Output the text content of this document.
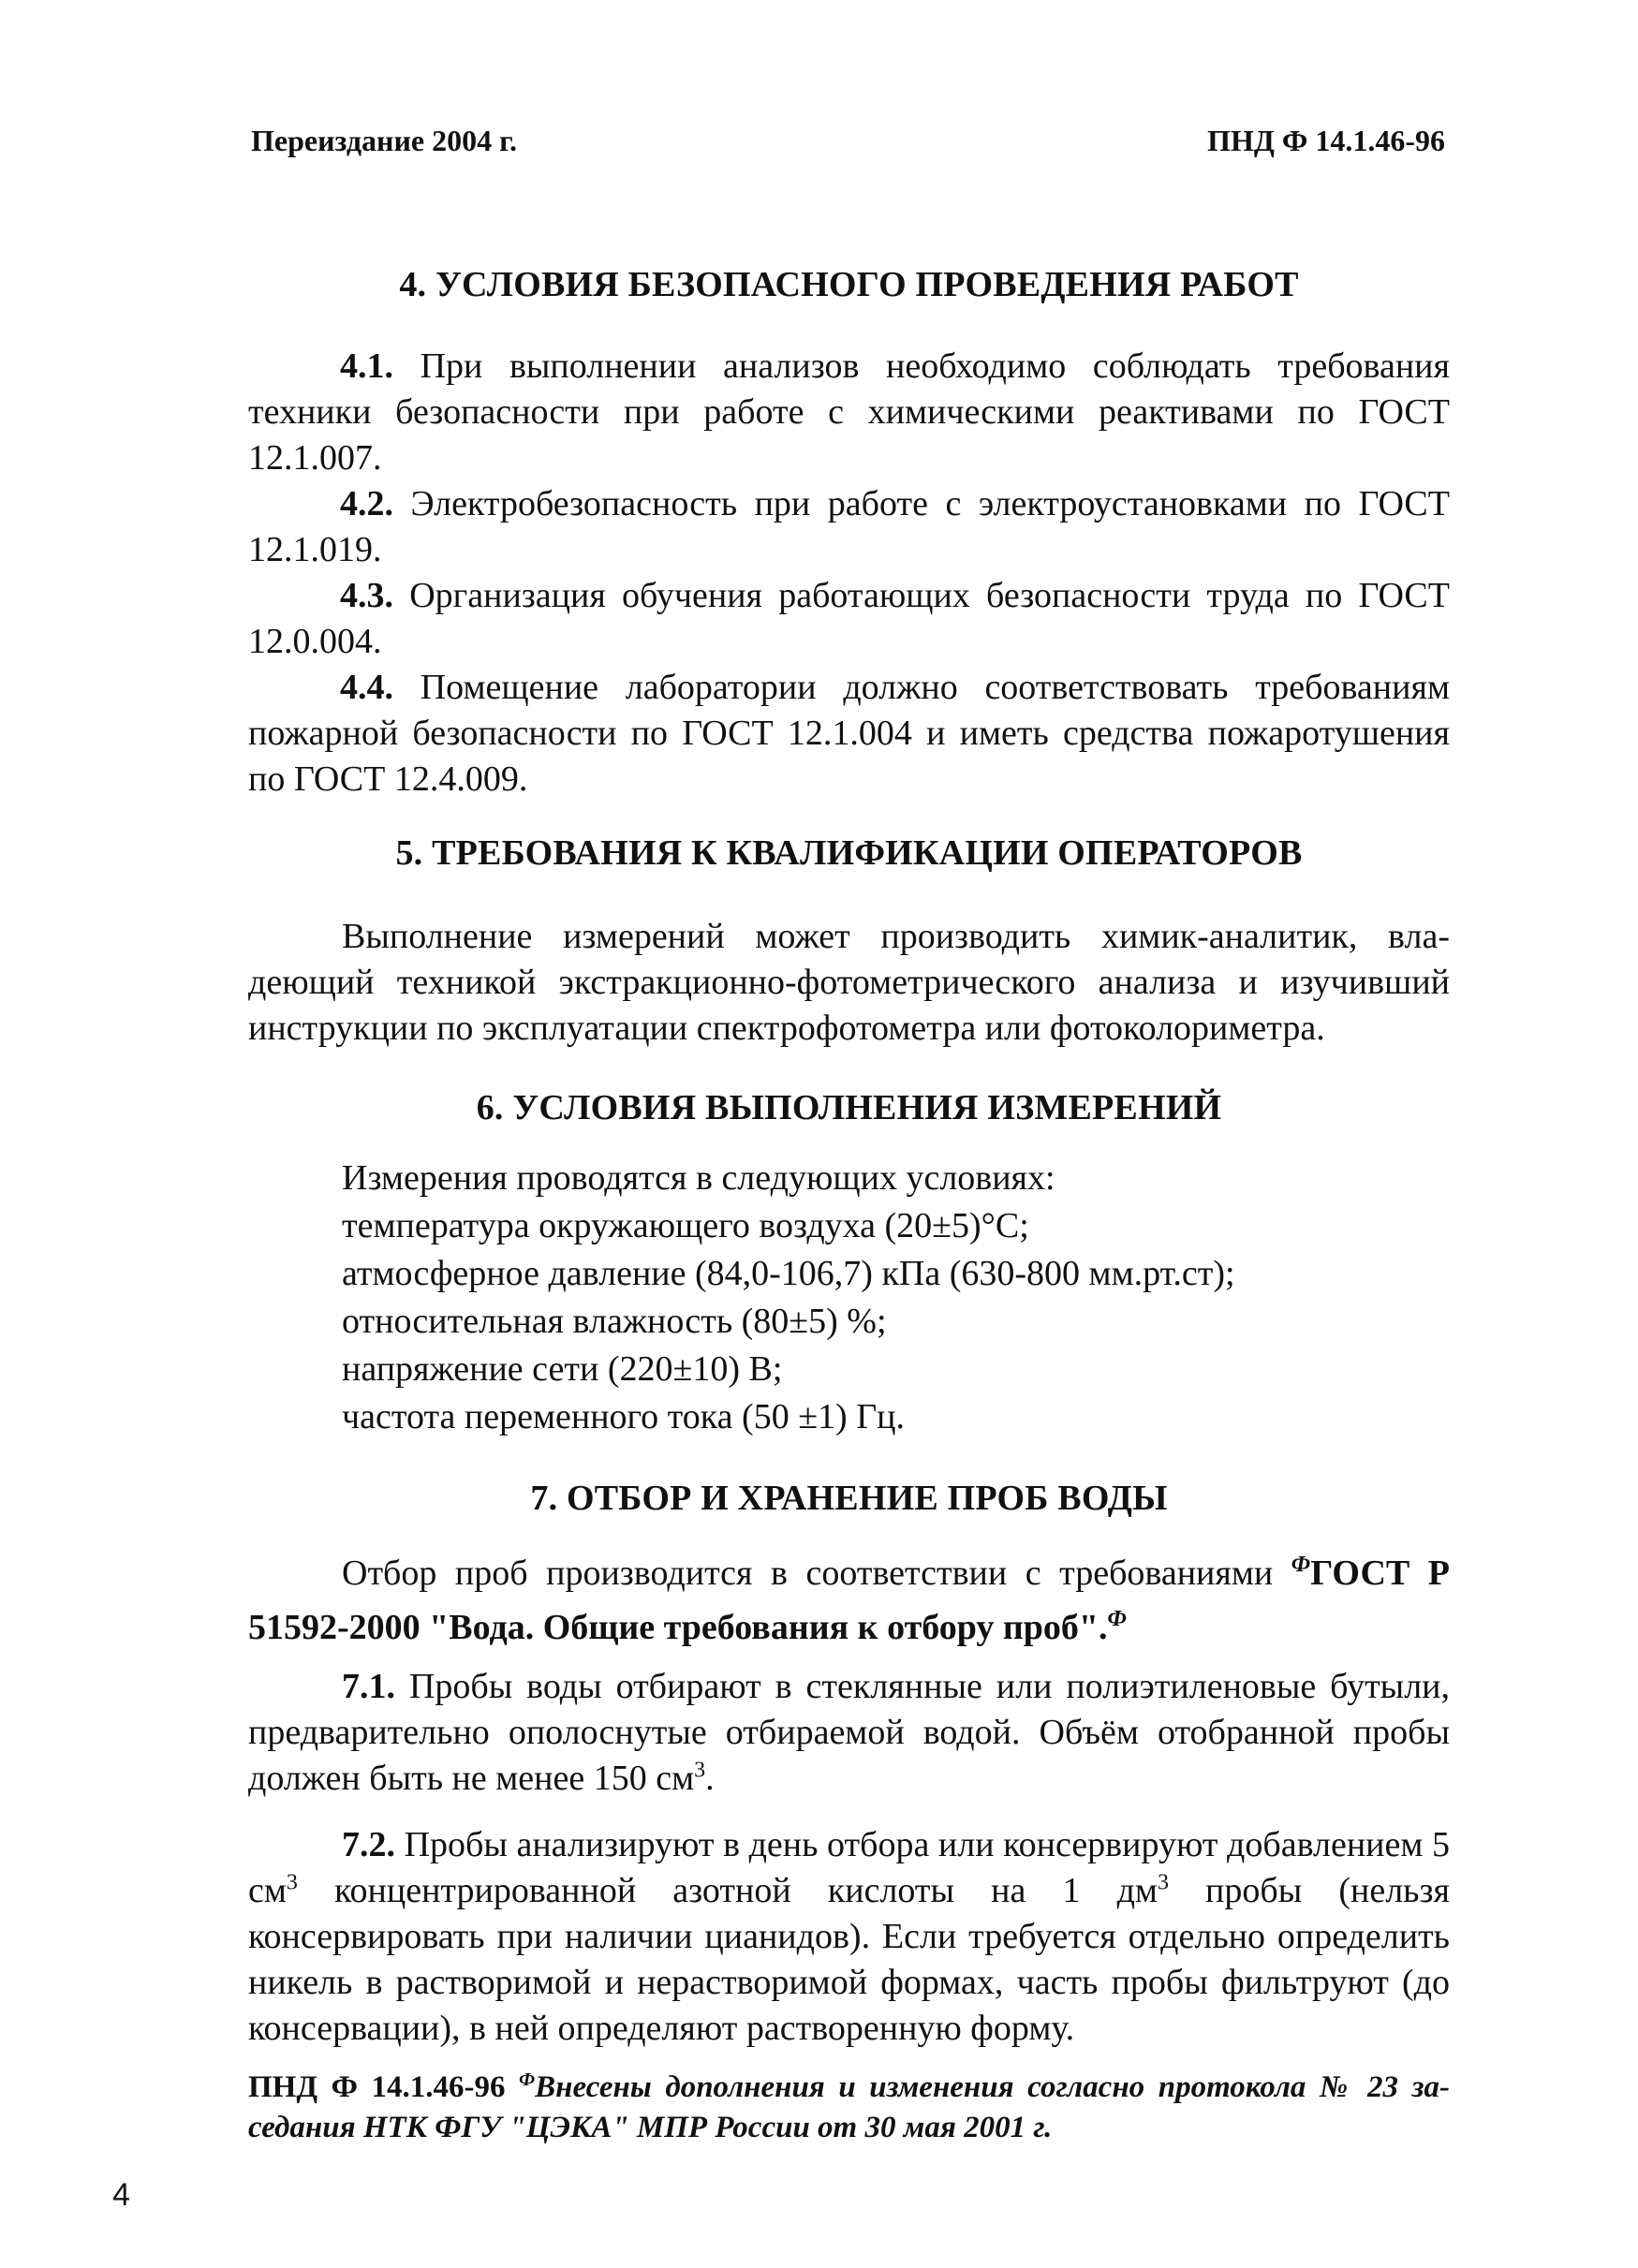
Переиздание 2004 г.	ПНД Ф 14.1.46-96
4. УСЛОВИЯ БЕЗОПАСНОГО ПРОВЕДЕНИЯ РАБОТ

4.1. При выполнении анализов необходимо соблюдать требования техники безопасности при работе с химическими реактивами по ГОСТ 12.1.007.

4.2. Электробезопасность при работе с электроустановками по ГОСТ 12.1.019.

4.3. Организация обучения работающих безопасности труда по ГОСТ 12.0.004.

4.4. Помещение лаборатории должно соответствовать требованиям пожарной безопасности по ГОСТ 12.1.004 и иметь средства пожаротушения по ГОСТ 12.4.009.

5. ТРЕБОВАНИЯ К КВАЛИФИКАЦИИ ОПЕРАТОРОВ

Выполнение измерений может производить химик-аналитик, владеющий техникой экстракционно-фотометрического анализа и изучивший инструкции по эксплуатации спектрофотометра или фотоколориметра.

6. УСЛОВИЯ ВЫПОЛНЕНИЯ ИЗМЕРЕНИЙ
Измерения проводятся в следующих условиях:
температура окружающего воздуха (20±5)°С;
атмосферное давление (84,0-106,7) кПа (630-800 мм.рт.ст);
относительная влажность (80±5) %;
напряжение сети (220±10) В;
частота переменного тока (50 ±1) Гц.
7. ОТБОР И ХРАНЕНИЕ ПРОБ ВОДЫ

Отбор проб производится в соответствии с требованиями $^Ф$ГОСТ Р 51592-2000 "Вода. Общие требования к отбору проб".$^Ф$

7.1. Пробы воды отбирают в стеклянные или полиэтиленовые бутыли, предварительно ополоснутые отбираемой водой. Объём отобранной пробы должен быть не менее 150 $см^3$.

7.2. Пробы анализируют в день отбора или консервируют добавлением 5 $см^3$ концентрированной азотной кислоты на 1 $дм^3$ пробы (нельзя консервировать при наличии цианидов). Если требуется отдельно определить никель в растворимой и нерастворимой формах, часть пробы фильтруют (до консервации), в ней определяют растворенную форму.

ПНД Ф 14.1.46-96 $^Ф$Внесены дополнения и изменения согласно протокола № 23 заседания НТК ФГУ "ЦЭКА" МПР России от 30 мая 2001 г.
4
